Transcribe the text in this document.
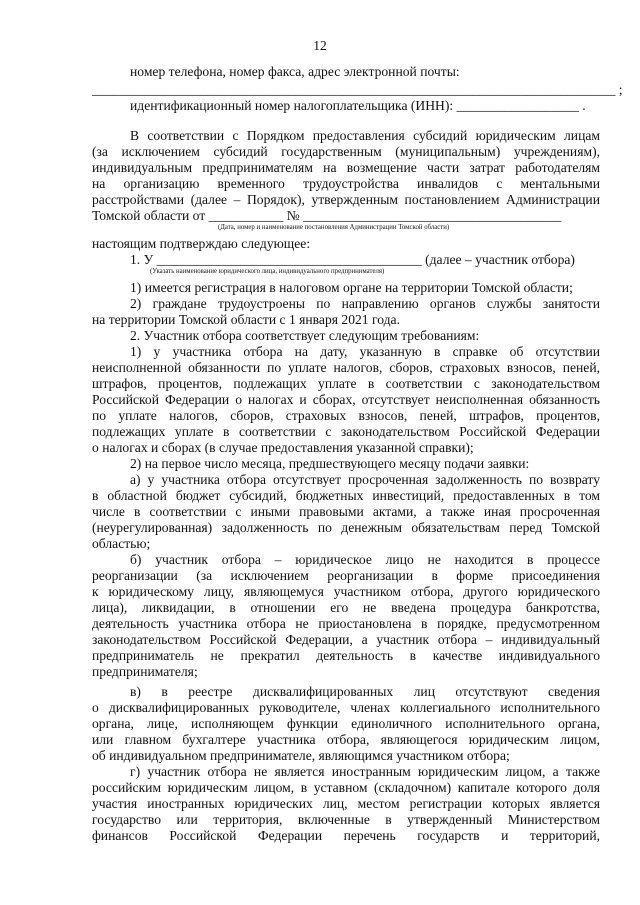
12
номер телефона, номер факса, адрес электронной почты:
_____________________________________________________________________________ ;
идентификационный номер налогоплательщика (ИНН): __________________ .
В соответствии с Порядком предоставления субсидий юридическим лицам
(за исключением субсидий государственным (муниципальным) учреждениям),
индивидуальным предпринимателям на возмещение части затрат работодателям
на организацию временного трудоустройства инвалидов с ментальными
расстройствами (далее – Порядок), утвержденным постановлением Администрации
Томской области от ___________ № ______________________________________
(Дата, номер и наименование постановления Администрации Томской области)
настоящим подтверждаю следующее:
1. У _______________________________________ (далее – участник отбора)
(Указать наименование юридического лица, индивидуального предпринимателя)
1) имеется регистрация в налоговом органе на территории Томской области;
2) граждане трудоустроены по направлению органов службы занятости
на территории Томской области с 1 января 2021 года.
2. Участник отбора соответствует следующим требованиям:
1) у участника отбора на дату, указанную в справке об отсутствии
неисполненной обязанности по уплате налогов, сборов, страховых взносов, пеней,
штрафов, процентов, подлежащих уплате в соответствии с законодательством
Российской Федерации о налогах и сборах, отсутствует неисполненная обязанность
по уплате налогов, сборов, страховых взносов, пеней, штрафов, процентов,
подлежащих уплате в соответствии с законодательством Российской Федерации
о налогах и сборах (в случае предоставления указанной справки);
2) на первое число месяца, предшествующего месяцу подачи заявки:
а) у участника отбора отсутствует просроченная задолженность по возврату
в областной бюджет субсидий, бюджетных инвестиций, предоставленных в том
числе в соответствии с иными правовыми актами, а также иная просроченная
(неурегулированная) задолженность по денежным обязательствам перед Томской
областью;
б) участник отбора – юридическое лицо не находится в процессе
реорганизации (за исключением реорганизации в форме присоединения
к юридическому лицу, являющемуся участником отбора, другого юридического
лица), ликвидации, в отношении его не введена процедура банкротства,
деятельность участника отбора не приостановлена в порядке, предусмотренном
законодательством Российской Федерации, а участник отбора – индивидуальный
предприниматель не прекратил деятельность в качестве индивидуального
предпринимателя;
в) в реестре дисквалифицированных лиц отсутствуют сведения
о дисквалифицированных руководителе, членах коллегиального исполнительного
органа, лице, исполняющем функции единоличного исполнительного органа,
или главном бухгалтере участника отбора, являющегося юридическим лицом,
об индивидуальном предпринимателе, являющимся участником отбора;
г) участник отбора не является иностранным юридическим лицом, а также
российским юридическим лицом, в уставном (складочном) капитале которого доля
участия иностранных юридических лиц, местом регистрации которых является
государство или территория, включенные в утвержденный Министерством
финансов Российской Федерации перечень государств и территорий,
